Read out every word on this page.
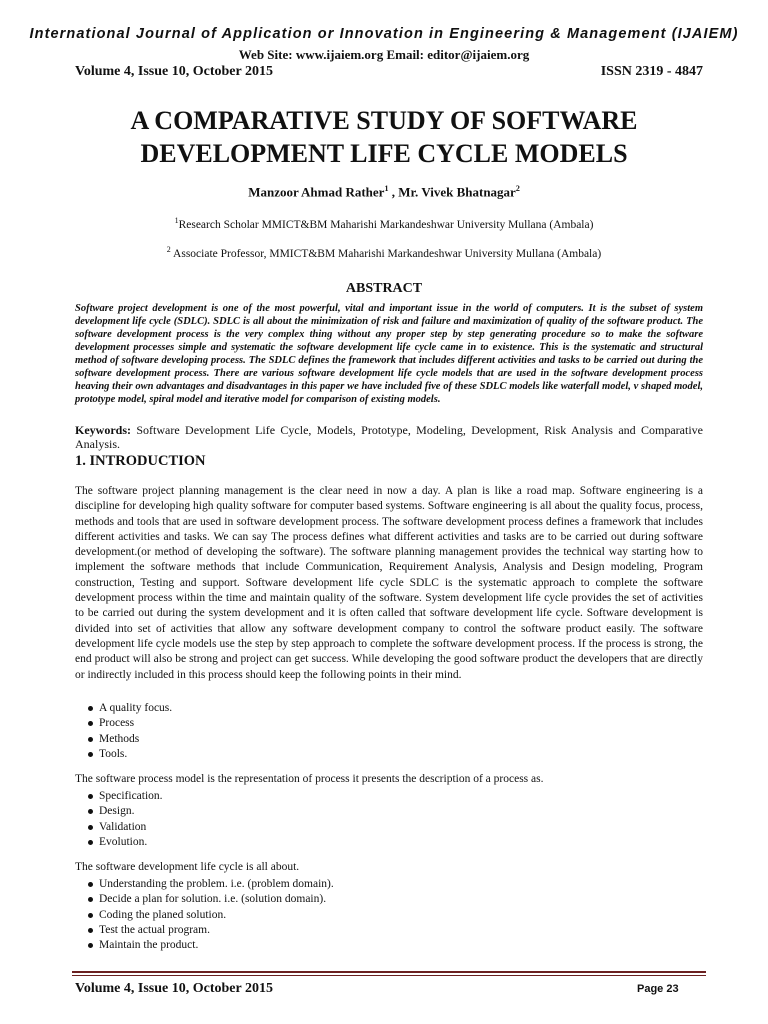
International Journal of Application or Innovation in Engineering & Management (IJAIEM)
Web Site: www.ijaiem.org Email: editor@ijaiem.org
Volume 4, Issue 10, October 2015	ISSN 2319 - 4847
A COMPARATIVE STUDY OF SOFTWARE
DEVELOPMENT LIFE CYCLE MODELS
Manzoor Ahmad Rather$^1$ , Mr. Vivek Bhatnagar$^2$
$^1$Research Scholar MMICT&BM Maharishi Markandeshwar University Mullana (Ambala)
$^2$ Associate Professor, MMICT&BM Maharishi Markandeshwar University Mullana (Ambala)
ABSTRACT
Software project development is one of the most powerful, vital and important issue in the world of computers. It is the subset of system development life cycle (SDLC). SDLC is all about the minimization of risk and failure and maximization of quality of the software product. The software development process is the very complex thing without any proper step by step generating procedure so to make the software development processes simple and systematic the software development life cycle came in to existence. This is the systematic and structural method of software developing process. The SDLC defines the framework that includes different activities and tasks to be carried out during the software development process. There are various software development life cycle models that are used in the software development process heaving their own advantages and disadvantages in this paper we have included five of these SDLC models like waterfall model, v shaped model, prototype model, spiral model and iterative model for comparison of existing models.
Keywords: Software Development Life Cycle, Models, Prototype, Modeling, Development, Risk Analysis and Comparative Analysis.
1. INTRODUCTION
The software project planning management is the clear need in now a day. A plan is like a road map. Software engineering is a discipline for developing high quality software for computer based systems. Software engineering is all about the quality focus, process, methods and tools that are used in software development process. The software development process defines a framework that includes different activities and tasks. We can say The process defines what different activities and tasks are to be carried out during software development.(or method of developing the software). The software planning management provides the technical way starting how to implement the software methods that include Communication, Requirement Analysis, Analysis and Design modeling, Program construction, Testing and support. Software development life cycle SDLC is the systematic approach to complete the software development process within the time and maintain quality of the software. System development life cycle provides the set of activities to be carried out during the system development and it is often called that software development life cycle. Software development is divided into set of activities that allow any software development company to control the software product easily. The software development life cycle models use the step by step approach to complete the software development process. If the process is strong, the end product will also be strong and project can get success. While developing the good software product the developers that are directly or indirectly included in this process should keep the following points in their mind.
A quality focus.
Process
Methods
Tools.
The software process model is the representation of process it presents the description of a process as.
Specification.
Design.
Validation
Evolution.
The software development life cycle is all about.
Understanding the problem. i.e. (problem domain).
Decide a plan for solution. i.e. (solution domain).
Coding the planed solution.
Test the actual program.
Maintain the product.
Volume 4, Issue 10, October 2015	Page 23
